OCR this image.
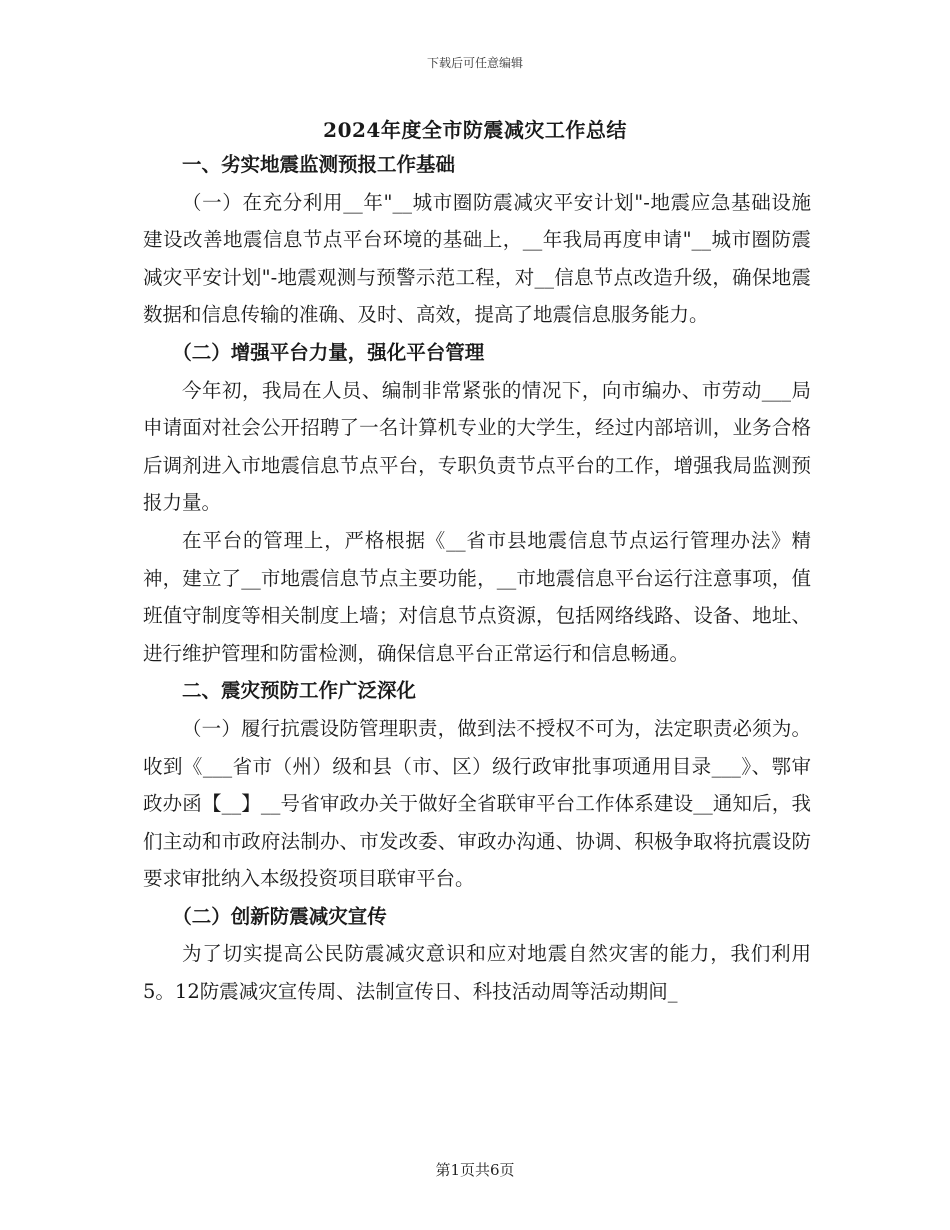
下载后可任意编辑
2024年度全市防震减灾工作总结

一、劣实地震监测预报工作基础

（一）在充分利用__年"__城市圈防震减灾平安计划"-地震应急基础设施建设改善地震信息节点平台环境的基础上，__年我局再度申请"__城市圈防震减灾平安计划"-地震观测与预警示范工程，对__信息节点改造升级，确保地震数据和信息传输的准确、及时、高效，提高了地震信息服务能力。

（二）增强平台力量，强化平台管理

今年初，我局在人员、编制非常紧张的情况下，向市编办、市劳动___局申请面对社会公开招聘了一名计算机专业的大学生，经过内部培训，业务合格后调剂进入市地震信息节点平台，专职负责节点平台的工作，增强我局监测预报力量。

在平台的管理上，严格根据《__省市县地震信息节点运行管理办法》精神，建立了__市地震信息节点主要功能，__市地震信息平台运行注意事项，值班值守制度等相关制度上墙；对信息节点资源，包括网络线路、设备、地址、进行维护管理和防雷检测，确保信息平台正常运行和信息畅通。

二、震灾预防工作广泛深化

（一）履行抗震设防管理职责，做到法不授权不可为，法定职责必须为。收到《___省市（州）级和县（市、区）级行政审批事项通用目录___》、鄂审政办函【__】__号省审政办关于做好全省联审平台工作体系建设__通知后，我们主动和市政府法制办、市发改委、审政办沟通、协调、积极争取将抗震设防要求审批纳入本级投资项目联审平台。

（二）创新防震减灾宣传

为了切实提高公民防震减灾意识和应对地震自然灾害的能力，我们利用5。12防震减灾宣传周、法制宣传日、科技活动周等活动期间_

第1页共6页
